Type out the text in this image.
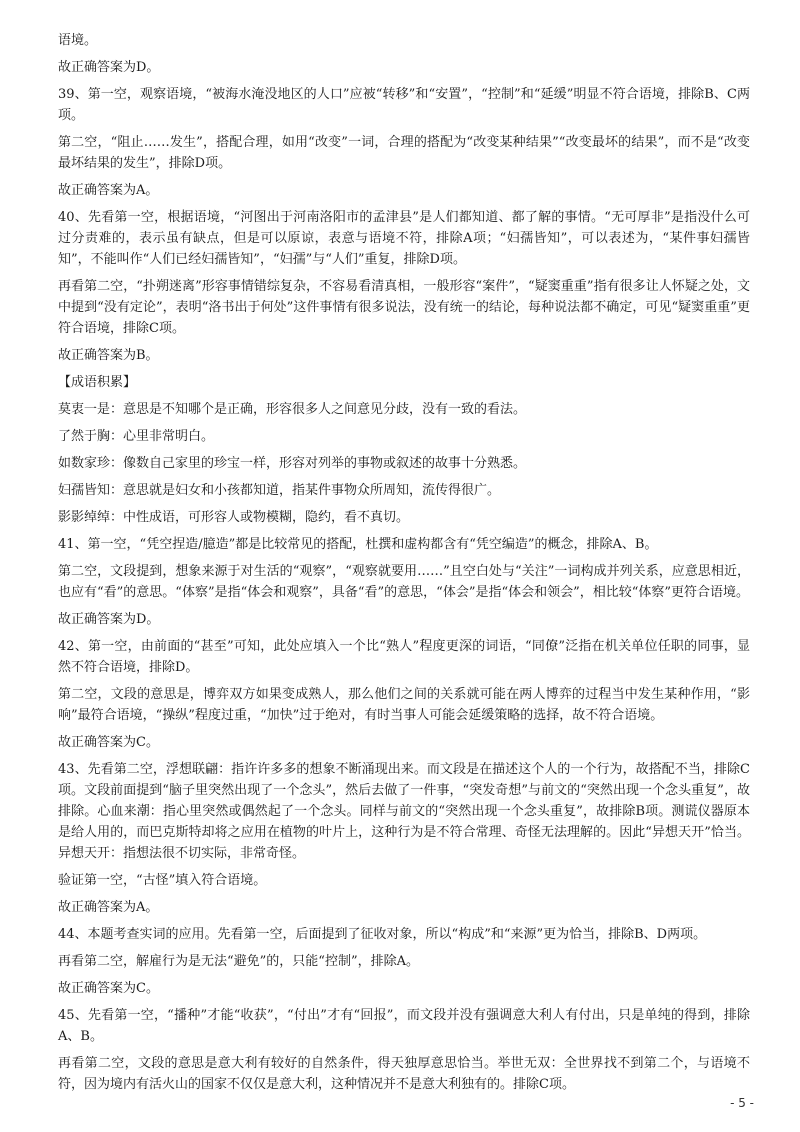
语境。

故正确答案为D。

39、第一空，观察语境，“被海水淹没地区的人口”应被“转移”和“安置”，“控制”和“延缓”明显不符合语境，排除B、C两项。

第二空，“阻止……发生”，搭配合理，如用“改变”一词，合理的搭配为“改变某种结果”“改变最坏的结果”，而不是“改变最坏结果的发生”，排除D项。

故正确答案为A。

40、先看第一空，根据语境，“河图出于河南洛阳市的孟津县”是人们都知道、都了解的事情。“无可厚非”是指没什么可过分责难的，表示虽有缺点，但是可以原谅，表意与语境不符，排除A项；“妇孺皆知”，可以表述为，“某件事妇孺皆知”，不能叫作“人们已经妇孺皆知”，“妇孺”与“人们”重复，排除D项。

再看第二空，“扑朔迷离”形容事情错综复杂，不容易看清真相，一般形容“案件”，“疑窦重重”指有很多让人怀疑之处，文中提到“没有定论”，表明“洛书出于何处”这件事情有很多说法，没有统一的结论，每种说法都不确定，可见“疑窦重重”更符合语境，排除C项。

故正确答案为B。

【成语积累】

莫衷一是：意思是不知哪个是正确，形容很多人之间意见分歧，没有一致的看法。

了然于胸：心里非常明白。

如数家珍：像数自己家里的珍宝一样，形容对列举的事物或叙述的故事十分熟悉。

妇孺皆知：意思就是妇女和小孩都知道，指某件事物众所周知，流传得很广。

影影绰绰：中性成语，可形容人或物模糊，隐约，看不真切。

41、第一空，“凭空捏造/臆造”都是比较常见的搭配，杜撰和虚构都含有“凭空编造”的概念，排除A、B。

第二空，文段提到，想象来源于对生活的“观察”，“观察就要用……”且空白处与“关注”一词构成并列关系，应意思相近，也应有“看”的意思。“体察”是指“体会和观察”，具备“看”的意思，“体会”是指“体会和领会”，相比较“体察”更符合语境。

故正确答案为D。

42、第一空，由前面的“甚至”可知，此处应填入一个比“熟人”程度更深的词语，“同僚”泛指在机关单位任职的同事，显然不符合语境，排除D。

第二空，文段的意思是，博弈双方如果变成熟人，那么他们之间的关系就可能在两人博弈的过程当中发生某种作用，“影响”最符合语境，“操纵”程度过重，“加快”过于绝对，有时当事人可能会延缓策略的选择，故不符合语境。

故正确答案为C。

43、先看第二空，浮想联翩：指许许多多的想象不断涌现出来。而文段是在描述这个人的一个行为，故搭配不当，排除C项。文段前面提到“脑子里突然出现了一个念头”，然后去做了一件事，“突发奇想”与前文的“突然出现一个念头重复”，故排除。心血来潮：指心里突然或偶然起了一个念头。同样与前文的“突然出现一个念头重复”，故排除B项。测谎仪器原本是给人用的，而巴克斯特却将之应用在植物的叶片上，这种行为是不符合常理、奇怪无法理解的。因此“异想天开”恰当。异想天开：指想法很不切实际，非常奇怪。

验证第一空，“古怪”填入符合语境。

故正确答案为A。

44、本题考查实词的应用。先看第一空，后面提到了征收对象，所以“构成”和“来源”更为恰当，排除B、D两项。

再看第二空，解雇行为是无法“避免”的，只能“控制”，排除A。

故正确答案为C。

45、先看第一空，“播种”才能“收获”，“付出”才有“回报”，而文段并没有强调意大利人有付出，只是单纯的得到，排除A、B。

再看第二空，文段的意思是意大利有较好的自然条件，得天独厚意思恰当。举世无双：全世界找不到第二个，与语境不符，因为境内有活火山的国家不仅仅是意大利，这种情况并不是意大利独有的。排除C项。

- 5 -
